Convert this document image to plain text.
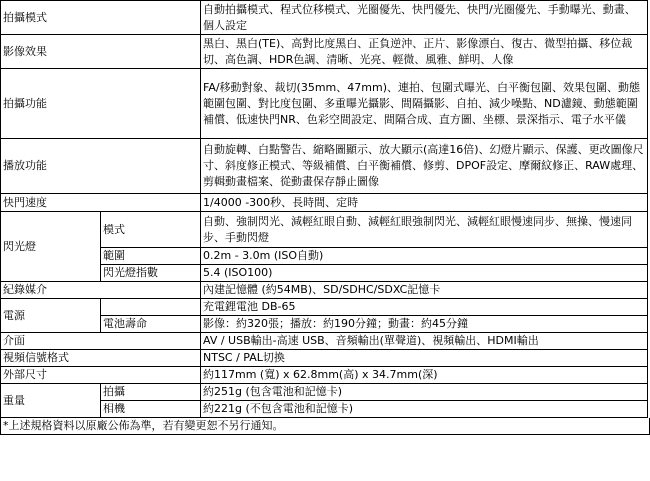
拍攝模式		自動拍攝模式、程式位移模式、光圈優先、快門優先、快門/光圈優先、手動曝光、動畫、個人設定
影像效果		黑白、黑白(TE)、高對比度黑白、正負逆沖、正片、影像漂白、復古、微型拍攝、移位裁切、高色調、HDR色調、清晰、光亮、輕微、風雅、鮮明、人像
拍攝功能		FA/移動對象、裁切(35mm、47mm)、連拍、包圍式曝光、白平衡包圍、效果包圍、動態範圍包圍、對比度包圍、多重曝光攝影、間隔攝影、自拍、減少噪點、ND濾鏡、動態範圍補償、低速快門NR、色彩空間設定、間隔合成、直方圖、坐標、景深指示、電子水平儀
播放功能		自動旋轉、白點警告、縮略圖顯示、放大顯示(高達16倍)、幻燈片顯示、保護、更改圖像尺寸、斜度修正模式、等級補償、白平衡補償、修剪、DPOF設定、摩爾紋修正、RAW處理、剪輯動畫檔案、從動畫保存靜止圖像
快門速度		1/4000 -300秒、長時間、定時
閃光燈	模式	自動、強制閃光、減輕紅眼自動、減輕紅眼強制閃光、減輕紅眼慢速同步、無操、慢速同步、手動閃燈
	範圍	0.2m - 3.0m (ISO自動)
	閃光燈指數	5.4 (ISO100)
紀錄媒介		內建記憶體 (約54MB)、SD/SDHC/SDXC記憶卡
電源		充電鋰電池 DB-65
	電池壽命	影像：約320張；播放：約190分鐘；動畫：約45分鐘
介面		AV / USB輸出-高速 USB、音頻輸出(單聲道)、視頻輸出、HDMI輸出
視頻信號格式		NTSC / PAL切換
外部尺寸		約117mm (寬) x 62.8mm(高) x 34.7mm(深)
重量	拍攝	約251g (包含電池和記憶卡)
	相機	約221g (不包含電池和記憶卡)
*上述規格資料以原廠公佈為準，若有變更恕不另行通知。
